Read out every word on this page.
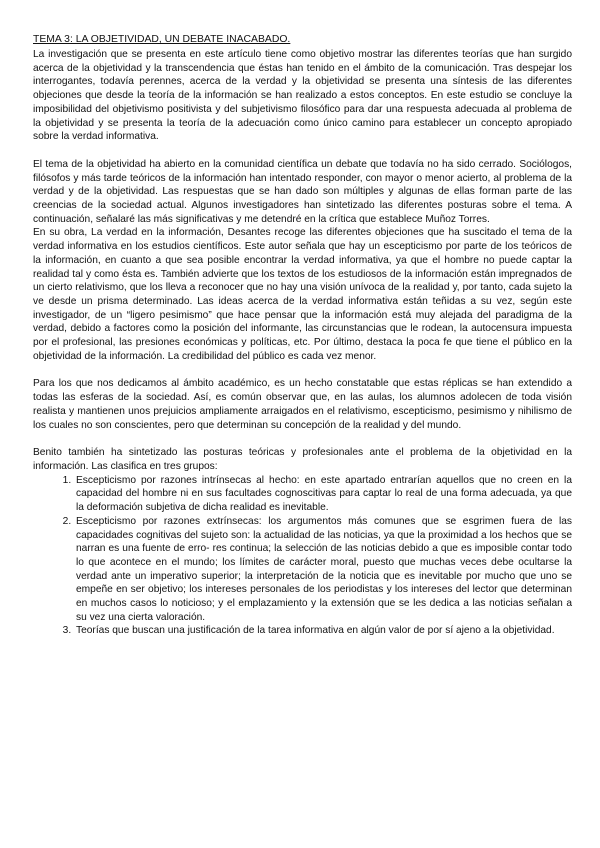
TEMA 3: LA OBJETIVIDAD, UN DEBATE INACABADO.

La investigación que se presenta en este artículo tiene como objetivo mostrar las diferentes teorías que han surgido acerca de la objetividad y la transcendencia que éstas han tenido en el ámbito de la comunicación. Tras despejar los interrogantes, todavía perennes, acerca de la verdad y la objetividad se presenta una síntesis de las diferentes objeciones que desde la teoría de la información se han realizado a estos conceptos. En este estudio se concluye la imposibilidad del objetivismo positivista y del subjetivismo filosófico para dar una respuesta adecuada al problema de la objetividad y se presenta la teoría de la adecuación como único camino para establecer un concepto apropiado sobre la verdad informativa.

El tema de la objetividad ha abierto en la comunidad científica un debate que todavía no ha sido cerrado. Sociólogos, filósofos y más tarde teóricos de la información han intentado responder, con mayor o menor acierto, al problema de la verdad y de la objetividad. Las respuestas que se han dado son múltiples y algunas de ellas forman parte de las creencias de la sociedad actual. Algunos investigadores han sintetizado las diferentes posturas sobre el tema. A continuación, señalaré las más significativas y me detendré en la crítica que establece Muñoz Torres.

En su obra, La verdad en la información, Desantes recoge las diferentes objeciones que ha suscitado el tema de la verdad informativa en los estudios científicos. Este autor señala que hay un escepticismo por parte de los teóricos de la información, en cuanto a que sea posible encontrar la verdad informativa, ya que el hombre no puede captar la realidad tal y como ésta es. También advierte que los textos de los estudiosos de la información están impregnados de un cierto relativismo, que los lleva a reconocer que no hay una visión unívoca de la realidad y, por tanto, cada sujeto la ve desde un prisma determinado. Las ideas acerca de la verdad informativa están teñidas a su vez, según este investigador, de un “ligero pesimismo” que hace pensar que la información está muy alejada del paradigma de la verdad, debido a factores como la posición del informante, las circunstancias que le rodean, la autocensura impuesta por el profesional, las presiones económicas y políticas, etc. Por último, destaca la poca fe que tiene el público en la objetividad de la información. La credibilidad del público es cada vez menor.

Para los que nos dedicamos al ámbito académico, es un hecho constatable que estas réplicas se han extendido a todas las esferas de la sociedad. Así, es común observar que, en las aulas, los alumnos adolecen de toda visión realista y mantienen unos prejuicios ampliamente arraigados en el relativismo, escepticismo, pesimismo y nihilismo de los cuales no son conscientes, pero que determinan su concepción de la realidad y del mundo.

Benito también ha sintetizado las posturas teóricas y profesionales ante el problema de la objetividad en la información. Las clasifica en tres grupos:

1. Escepticismo por razones intrínsecas al hecho: en este apartado entrarían aquellos que no creen en la capacidad del hombre ni en sus facultades cognoscitivas para captar lo real de una forma adecuada, ya que la deformación subjetiva de dicha realidad es inevitable.
2. Escepticismo por razones extrínsecas: los argumentos más comunes que se esgrimen fuera de las capacidades cognitivas del sujeto son: la actualidad de las noticias, ya que la proximidad a los hechos que se narran es una fuente de erro- res continua; la selección de las noticias debido a que es imposible contar todo lo que acontece en el mundo; los límites de carácter moral, puesto que muchas veces debe ocultarse la verdad ante un imperativo superior; la interpretación de la noticia que es inevitable por mucho que uno se empeñe en ser objetivo; los intereses personales de los periodistas y los intereses del lector que determinan en muchos casos lo noticioso; y el emplazamiento y la extensión que se les dedica a las noticias señalan a su vez una cierta valoración.
3. Teorías que buscan una justificación de la tarea informativa en algún valor de por sí ajeno a la objetividad.
